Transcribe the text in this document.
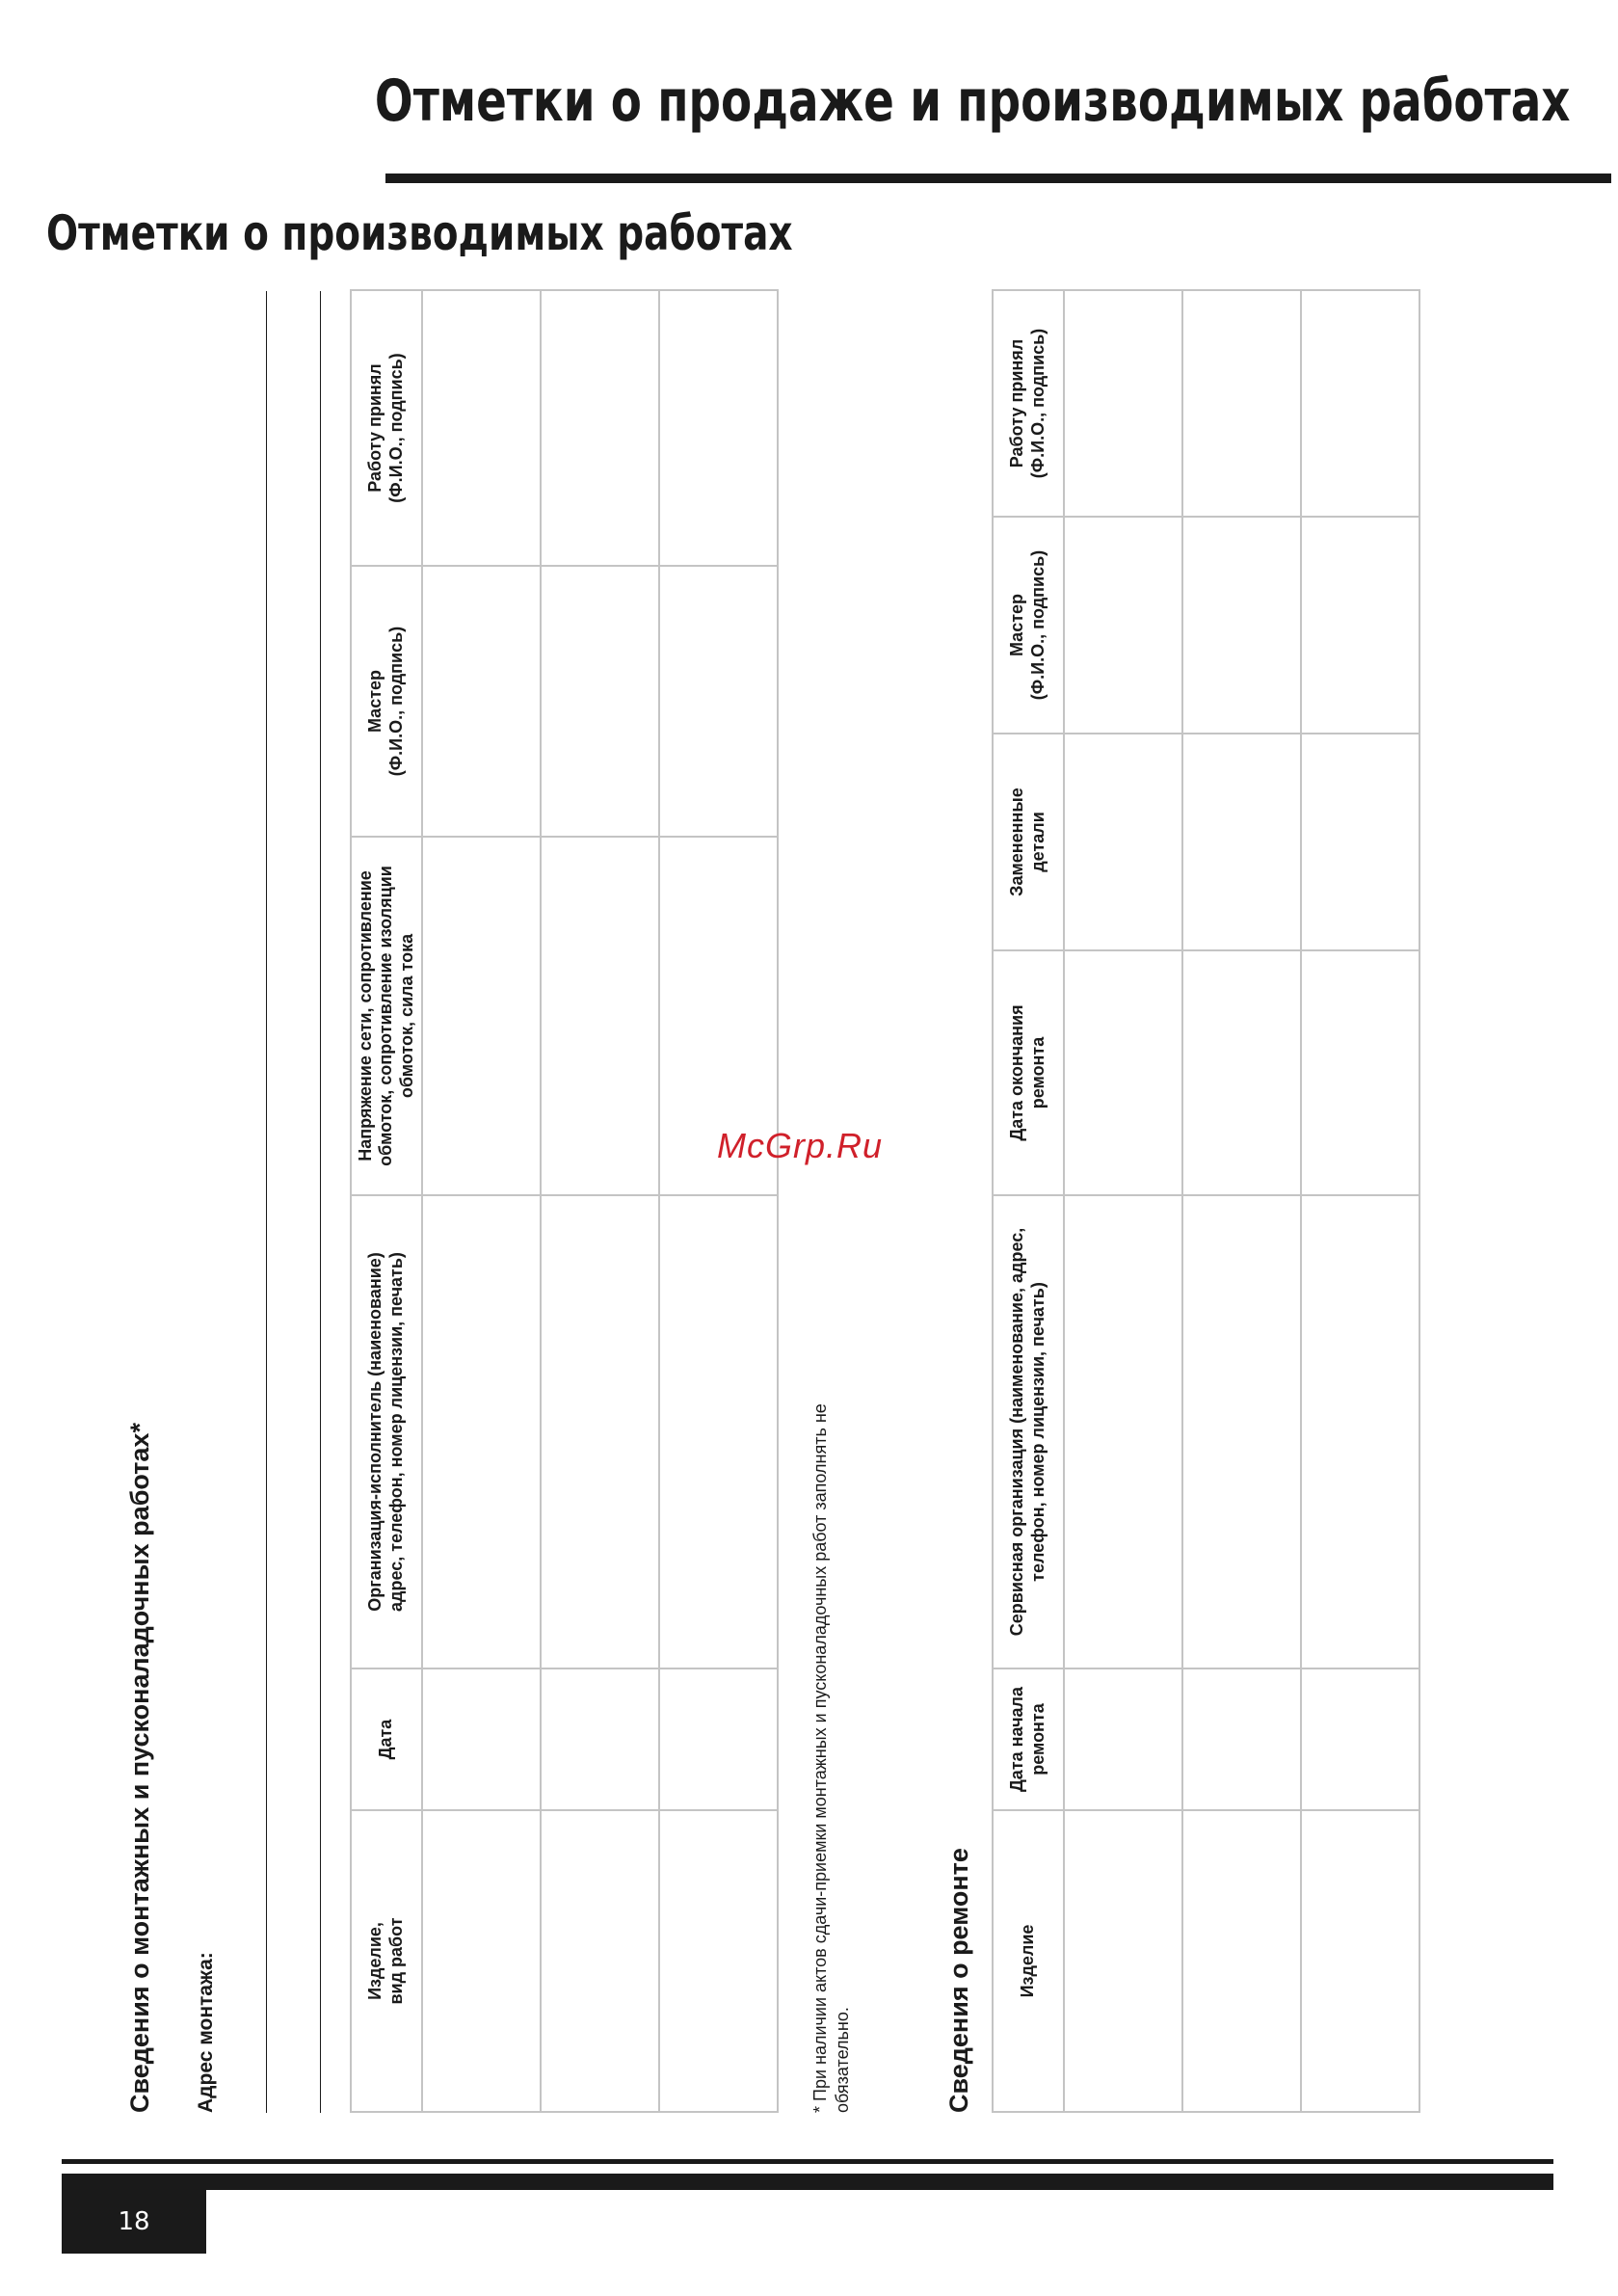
Отметки о продаже и производимых работах
Отметки о производимых работах
Сведения о монтажных и пусконаладочных работах* Адрес монтажа:	Изделие,
вид работ	Дата	Организация-исполнитель (наиенование)
адрес, телефон, номер лицензии, печать)	Напряжение сети, сопротивление
обмоток, сопротивление изоляции
обмоток, сила тока	Мастер
(Ф.И.О., подпись)	Работу принял
(Ф.И.О., подпись)

* При наличии актов сдачи-приемки монтажных и пусконаладочных работ заполнять не обязательно.	Сведения о ремонте	Изделие	Дата начала
ремонта	Сервисная организация (наименование, адрес,
телефон, номер лицензии, печать)	Дата окончания
ремонта	Замененные
детали	Мастер
(Ф.И.О., подпись)	Работу принял
(Ф.И.О., подпись)

McGrp.Ru
18
